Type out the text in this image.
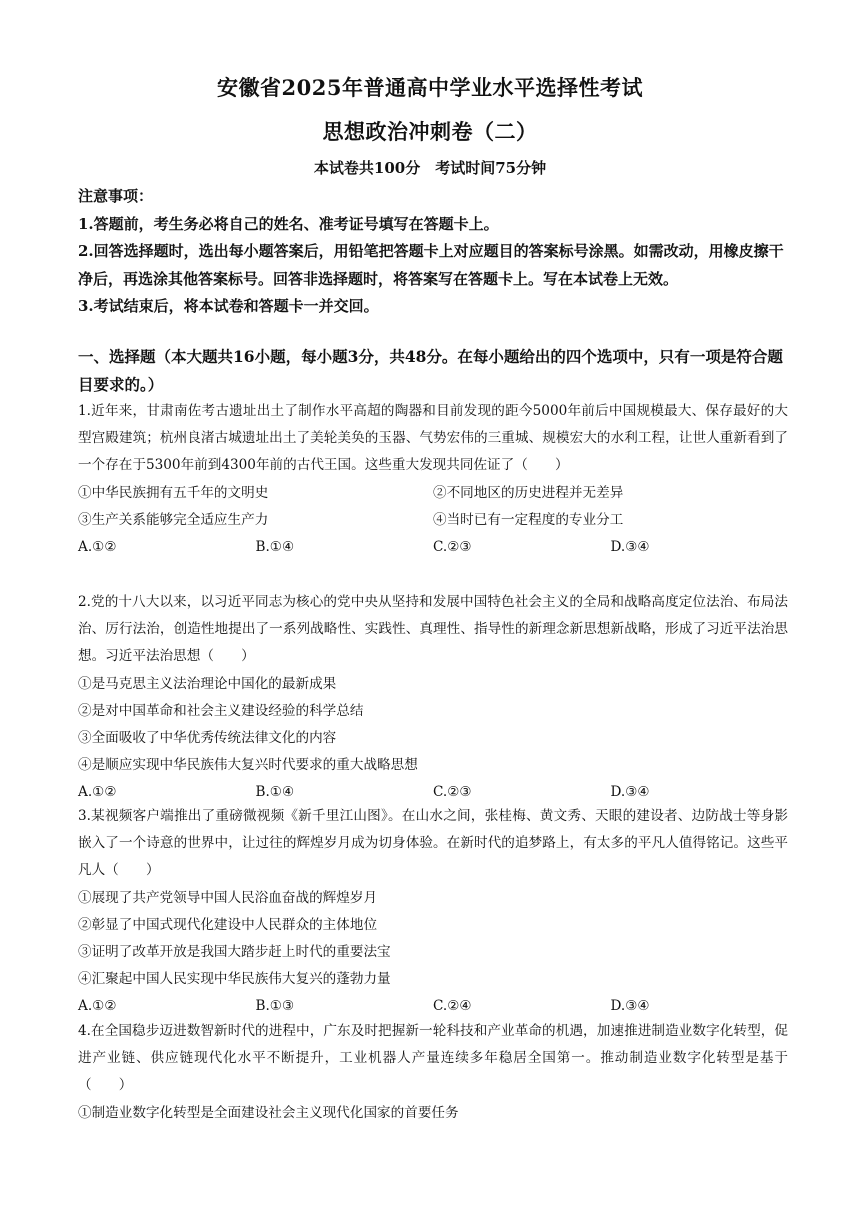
安徽省2025年普通高中学业水平选择性考试
思想政治冲刺卷（二）
本试卷共100分　考试时间75分钟

注意事项：

1.答题前，考生务必将自己的姓名、准考证号填写在答题卡上。

2.回答选择题时，选出每小题答案后，用铅笔把答题卡上对应题目的答案标号涂黑。如需改动，用橡皮擦干净后，再选涂其他答案标号。回答非选择题时，将答案写在答题卡上。写在本试卷上无效。

3.考试结束后，将本试卷和答题卡一并交回。

一、选择题（本大题共16小题，每小题3分，共48分。在每小题给出的四个选项中，只有一项是符合题目要求的。）

1.近年来，甘肃南佐考古遗址出土了制作水平高超的陶器和目前发现的距今5000年前后中国规模最大、保存最好的大型宫殿建筑；杭州良渚古城遗址出土了美轮美奂的玉器、气势宏伟的三重城、规模宏大的水利工程，让世人重新看到了一个存在于5300年前到4300年前的古代王国。这些重大发现共同佐证了（　　）

①中华民族拥有五千年的文明史	②不同地区的历史进程并无差异
③生产关系能够完全适应生产力	④当时已有一定程度的专业分工
A.①②	B.①④	C.②③	D.③④

2.党的十八大以来，以习近平同志为核心的党中央从坚持和发展中国特色社会主义的全局和战略高度定位法治、布局法治、厉行法治，创造性地提出了一系列战略性、实践性、真理性、指导性的新理念新思想新战略，形成了习近平法治思想。习近平法治思想（　　）

①是马克思主义法治理论中国化的最新成果

②是对中国革命和社会主义建设经验的科学总结

③全面吸收了中华优秀传统法律文化的内容

④是顺应实现中华民族伟大复兴时代要求的重大战略思想

A.①②	B.①④	C.②③	D.③④

3.某视频客户端推出了重磅微视频《新千里江山图》。在山水之间，张桂梅、黄文秀、天眼的建设者、边防战士等身影嵌入了一个诗意的世界中，让过往的辉煌岁月成为切身体验。在新时代的追梦路上，有太多的平凡人值得铭记。这些平凡人（　　）

①展现了共产党领导中国人民浴血奋战的辉煌岁月

②彰显了中国式现代化建设中人民群众的主体地位

③证明了改革开放是我国大踏步赶上时代的重要法宝

④汇聚起中国人民实现中华民族伟大复兴的蓬勃力量

A.①②	B.①③	C.②④	D.③④

4.在全国稳步迈进数智新时代的进程中，广东及时把握新一轮科技和产业革命的机遇，加速推进制造业数字化转型，促进产业链、供应链现代化水平不断提升，工业机器人产量连续多年稳居全国第一。推动制造业数字化转型是基于（　　）

①制造业数字化转型是全面建设社会主义现代化国家的首要任务
